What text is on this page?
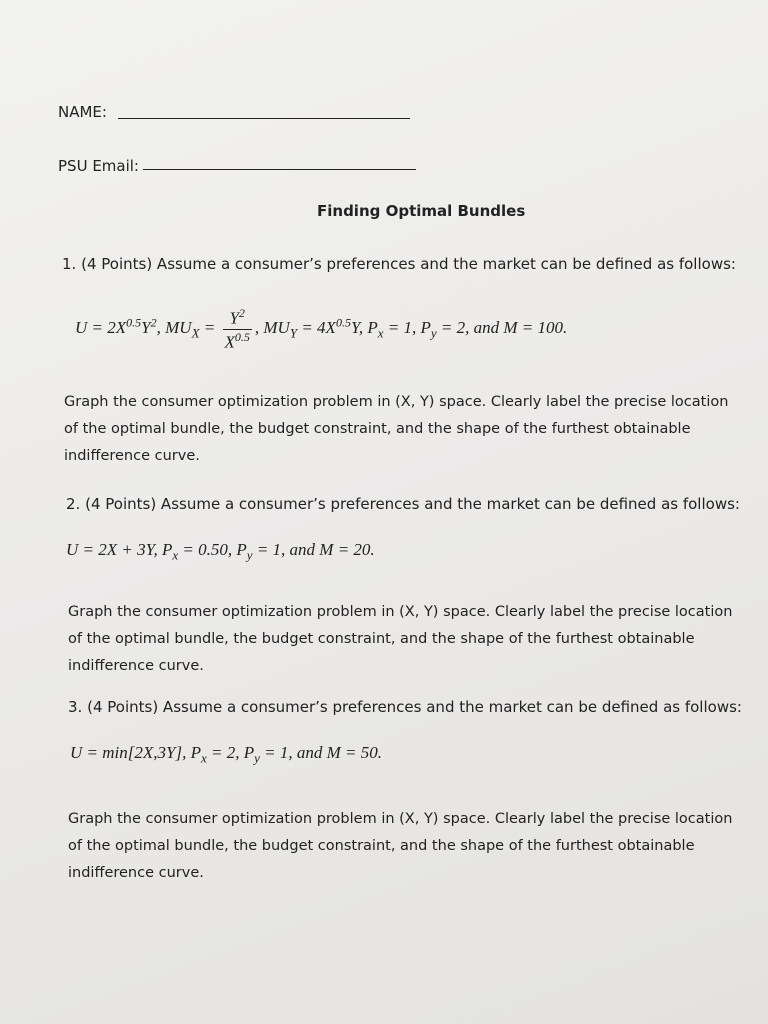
NAME:
PSU Email:
Finding Optimal Bundles
1. (4 Points) Assume a consumer’s preferences and the market can be defined as follows:
$U = 2X^{0.5}Y^2$, $MU_X = \frac{Y^2}{X^{0.5}}$ , $MU_Y = 4X^{0.5}Y$, $P_x = 1$, $P_y = 2$, and M = 100.
Graph the consumer optimization problem in (X, Y) space. Clearly label the precise location of the optimal bundle, the budget constraint, and the shape of the furthest obtainable indifference curve.
2. (4 Points) Assume a consumer’s preferences and the market can be defined as follows:
U = 2X + 3Y, $P_x = 0.50$, $P_y = 1$, and M = 20.
Graph the consumer optimization problem in (X, Y) space. Clearly label the precise location of the optimal bundle, the budget constraint, and the shape of the furthest obtainable indifference curve.
3. (4 Points) Assume a consumer’s preferences and the market can be defined as follows:
U = min[2X,3Y], $P_x = 2$, $P_y = 1$, and M = 50.
Graph the consumer optimization problem in (X, Y) space. Clearly label the precise location of the optimal bundle, the budget constraint, and the shape of the furthest obtainable indifference curve.
